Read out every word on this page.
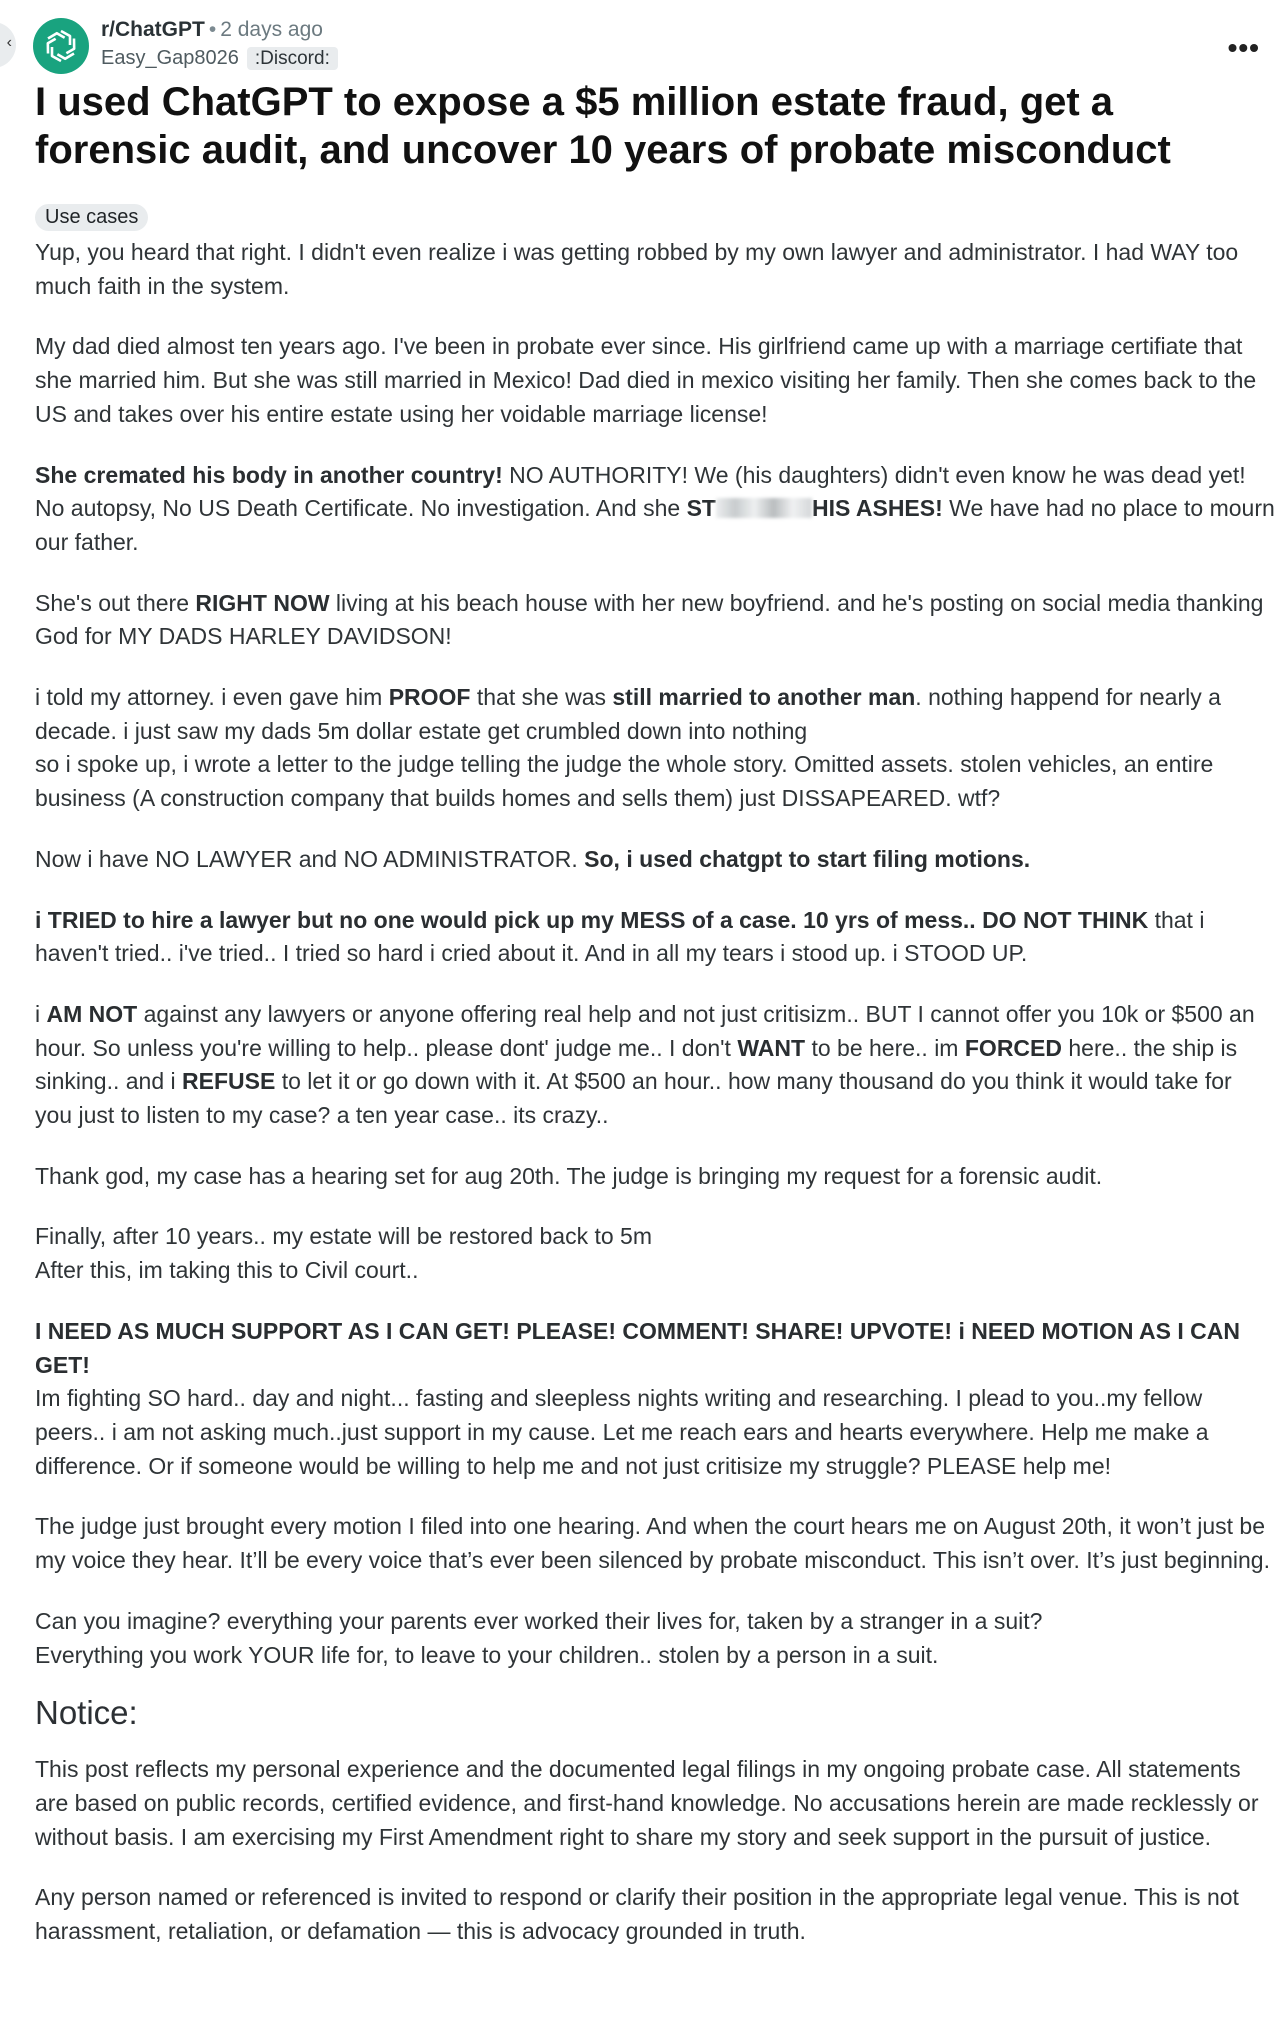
‹
r/ChatGPT • 2 days ago
Easy_Gap8026 :Discord:	•••
I used ChatGPT to expose a $5 million estate fraud, get a forensic audit, and uncover 10 years of probate misconduct
Use cases

Yup, you heard that right. I didn't even realize i was getting robbed by my own lawyer and administrator. I had WAY too much faith in the system.

My dad died almost ten years ago. I've been in probate ever since. His girlfriend came up with a marriage certifiate that she married him. But she was still married in Mexico! Dad died in mexico visiting her family. Then she comes back to the US and takes over his entire estate using her voidable marriage license!

She cremated his body in another country! NO AUTHORITY! We (his daughters) didn't even know he was dead yet! No autopsy, No US Death Certificate. No investigation. And she ST	HIS ASHES! We have had no place to mourn our father.

She's out there RIGHT NOW living at his beach house with her new boyfriend. and he's posting on social media thanking God for MY DADS HARLEY DAVIDSON!

i told my attorney. i even gave him PROOF that she was still married to another man. nothing happend for nearly a decade. i just saw my dads 5m dollar estate get crumbled down into nothing
so i spoke up, i wrote a letter to the judge telling the judge the whole story. Omitted assets. stolen vehicles, an entire business (A construction company that builds homes and sells them) just DISSAPEARED. wtf?

Now i have NO LAWYER and NO ADMINISTRATOR. So, i used chatgpt to start filing motions.

i TRIED to hire a lawyer but no one would pick up my MESS of a case. 10 yrs of mess.. DO NOT THINK that i haven't tried.. i've tried.. I tried so hard i cried about it. And in all my tears i stood up. i STOOD UP.

i AM NOT against any lawyers or anyone offering real help and not just critisizm.. BUT I cannot offer you 10k or $500 an hour. So unless you're willing to help.. please dont' judge me.. I don't WANT to be here.. im FORCED here.. the ship is sinking.. and i REFUSE to let it or go down with it. At $500 an hour.. how many thousand do you think it would take for you just to listen to my case? a ten year case.. its crazy..

Thank god, my case has a hearing set for aug 20th. The judge is bringing my request for a forensic audit.

Finally, after 10 years.. my estate will be restored back to 5m
After this, im taking this to Civil court..

I NEED AS MUCH SUPPORT AS I CAN GET! PLEASE! COMMENT! SHARE! UPVOTE! i NEED MOTION AS I CAN GET!
Im fighting SO hard.. day and night... fasting and sleepless nights writing and researching. I plead to you..my fellow peers.. i am not asking much..just support in my cause. Let me reach ears and hearts everywhere. Help me make a difference. Or if someone would be willing to help me and not just critisize my struggle? PLEASE help me!

The judge just brought every motion I filed into one hearing. And when the court hears me on August 20th, it won’t just be my voice they hear. It’ll be every voice that’s ever been silenced by probate misconduct. This isn’t over. It’s just beginning.

Can you imagine? everything your parents ever worked their lives for, taken by a stranger in a suit?
Everything you work YOUR life for, to leave to your children.. stolen by a person in a suit.

Notice:

This post reflects my personal experience and the documented legal filings in my ongoing probate case. All statements are based on public records, certified evidence, and first-hand knowledge. No accusations herein are made recklessly or without basis. I am exercising my First Amendment right to share my story and seek support in the pursuit of justice.

Any person named or referenced is invited to respond or clarify their position in the appropriate legal venue. This is not harassment, retaliation, or defamation — this is advocacy grounded in truth.
